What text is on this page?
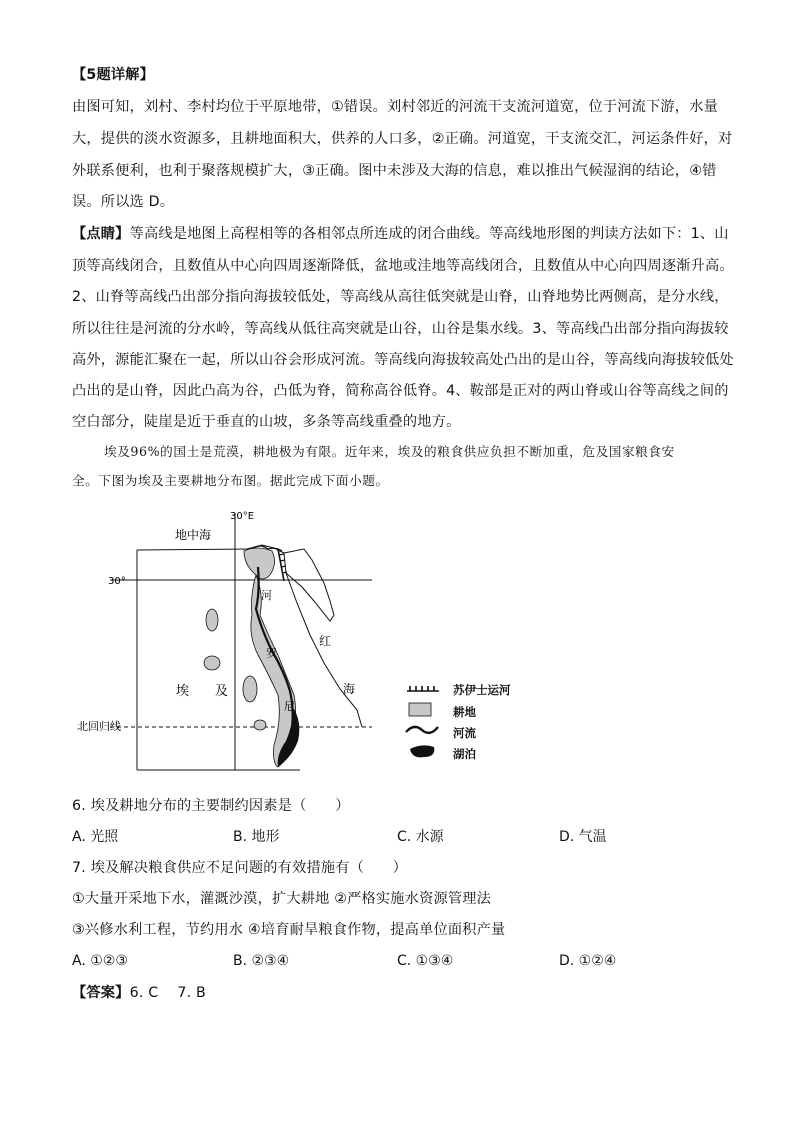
【5题详解】
由图可知，刘村、李村均位于平原地带，①错误。刘村邻近的河流干支流河道宽，位于河流下游，水量
大，提供的淡水资源多，且耕地面积大，供养的人口多，②正确。河道宽，干支流交汇，河运条件好，对
外联系便利，也利于聚落规模扩大，③正确。图中未涉及大海的信息，难以推出气候湿润的结论，④错
误。所以选 D。
【点睛】等高线是地图上高程相等的各相邻点所连成的闭合曲线。等高线地形图的判读方法如下：1、山
顶等高线闭合，且数值从中心向四周逐渐降低，盆地或洼地等高线闭合，且数值从中心向四周逐渐升高。
2、山脊等高线凸出部分指向海拔较低处，等高线从高往低突就是山脊，山脊地势比两侧高，是分水线，
所以往往是河流的分水岭，等高线从低往高突就是山谷，山谷是集水线。3、等高线凸出部分指向海拔较
高外，源能汇聚在一起，所以山谷会形成河流。等高线向海拔较高处凸出的是山谷，等高线向海拔较低处
凸出的是山脊，因此凸高为谷，凸低为脊，简称高谷低脊。4、鞍部是正对的两山脊或山谷等高线之间的
空白部分，陡崖是近于垂直的山坡，多条等高线重叠的地方。
埃及96%的国土是荒漠，耕地极为有限。近年来，埃及的粮食供应负担不断加重，危及国家粮食安
全。下图为埃及主要耕地分布图。据此完成下面小题。
地中海
30°E
30°
北回归线
埃 及
河
罗
尼
红
海	苏伊士运河
耕地
河流
湖泊
6. 埃及耕地分布的主要制约因素是（　　）
A. 光照	B. 地形	C. 水源	D. 气温
7. 埃及解决粮食供应不足问题的有效措施有（　　）
①大量开采地下水，灌溉沙漠，扩大耕地 ②严格实施水资源管理法
③兴修水利工程，节约用水 ④培育耐旱粮食作物，提高单位面积产量
A. ①②③	B. ②③④	C. ①③④	D. ①②④
【答案】6. C　 7. B
